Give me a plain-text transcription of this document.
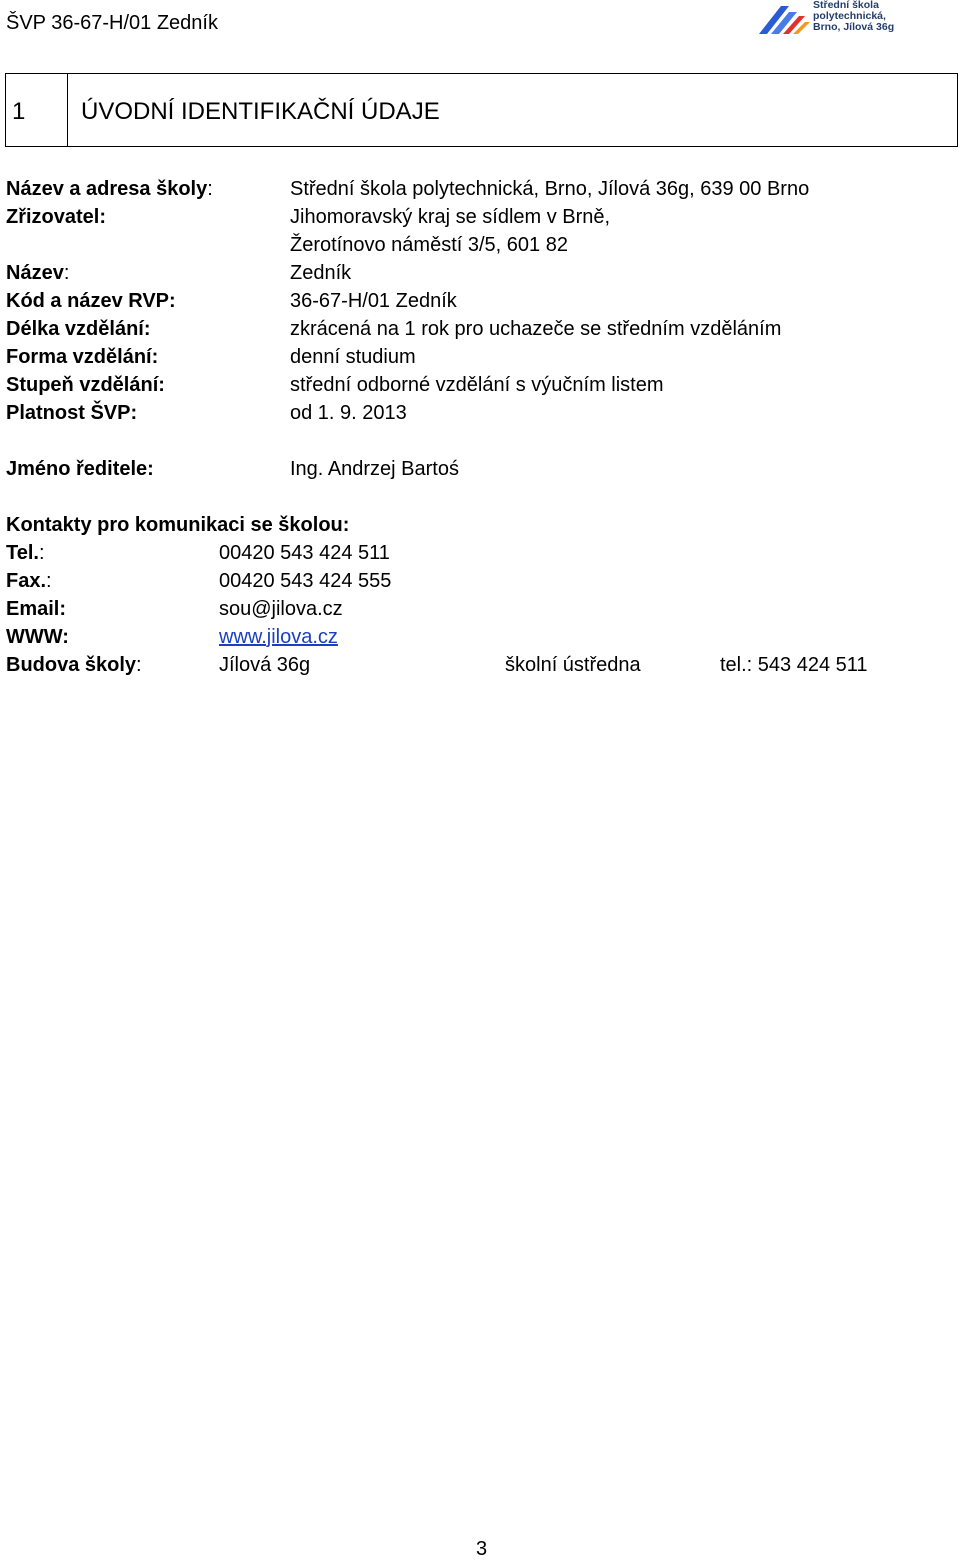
ŠVP 36-67-H/01 Zedník
Střední škola
polytechnická,
Brno, Jílová 36g
1 ÚVODNÍ IDENTIFIKAČNÍ ÚDAJE
Název a adresa školy:	Střední škola polytechnická, Brno, Jílová 36g, 639 00 Brno
Zřizovatel:	Jihomoravský kraj se sídlem v Brně,
Žerotínovo náměstí 3/5, 601 82
Název:	Zedník
Kód a název RVP:	36-67-H/01 Zedník
Délka vzdělání:	zkrácená na 1 rok pro uchazeče se středním vzděláním
Forma vzdělání:	denní studium
Stupeň vzdělání:	střední odborné vzdělání s výučním listem
Platnost ŠVP:	od 1. 9. 2013
Jméno ředitele:	Ing. Andrzej Bartoś
Kontakty pro komunikaci se školou:
Tel.:	00420 543 424 511
Fax.:	00420 543 424 555
Email:	sou@jilova.cz
WWW:	www.jilova.cz
Budova školy:	Jílová 36g	školní ústředna	tel.: 543 424 511
3
